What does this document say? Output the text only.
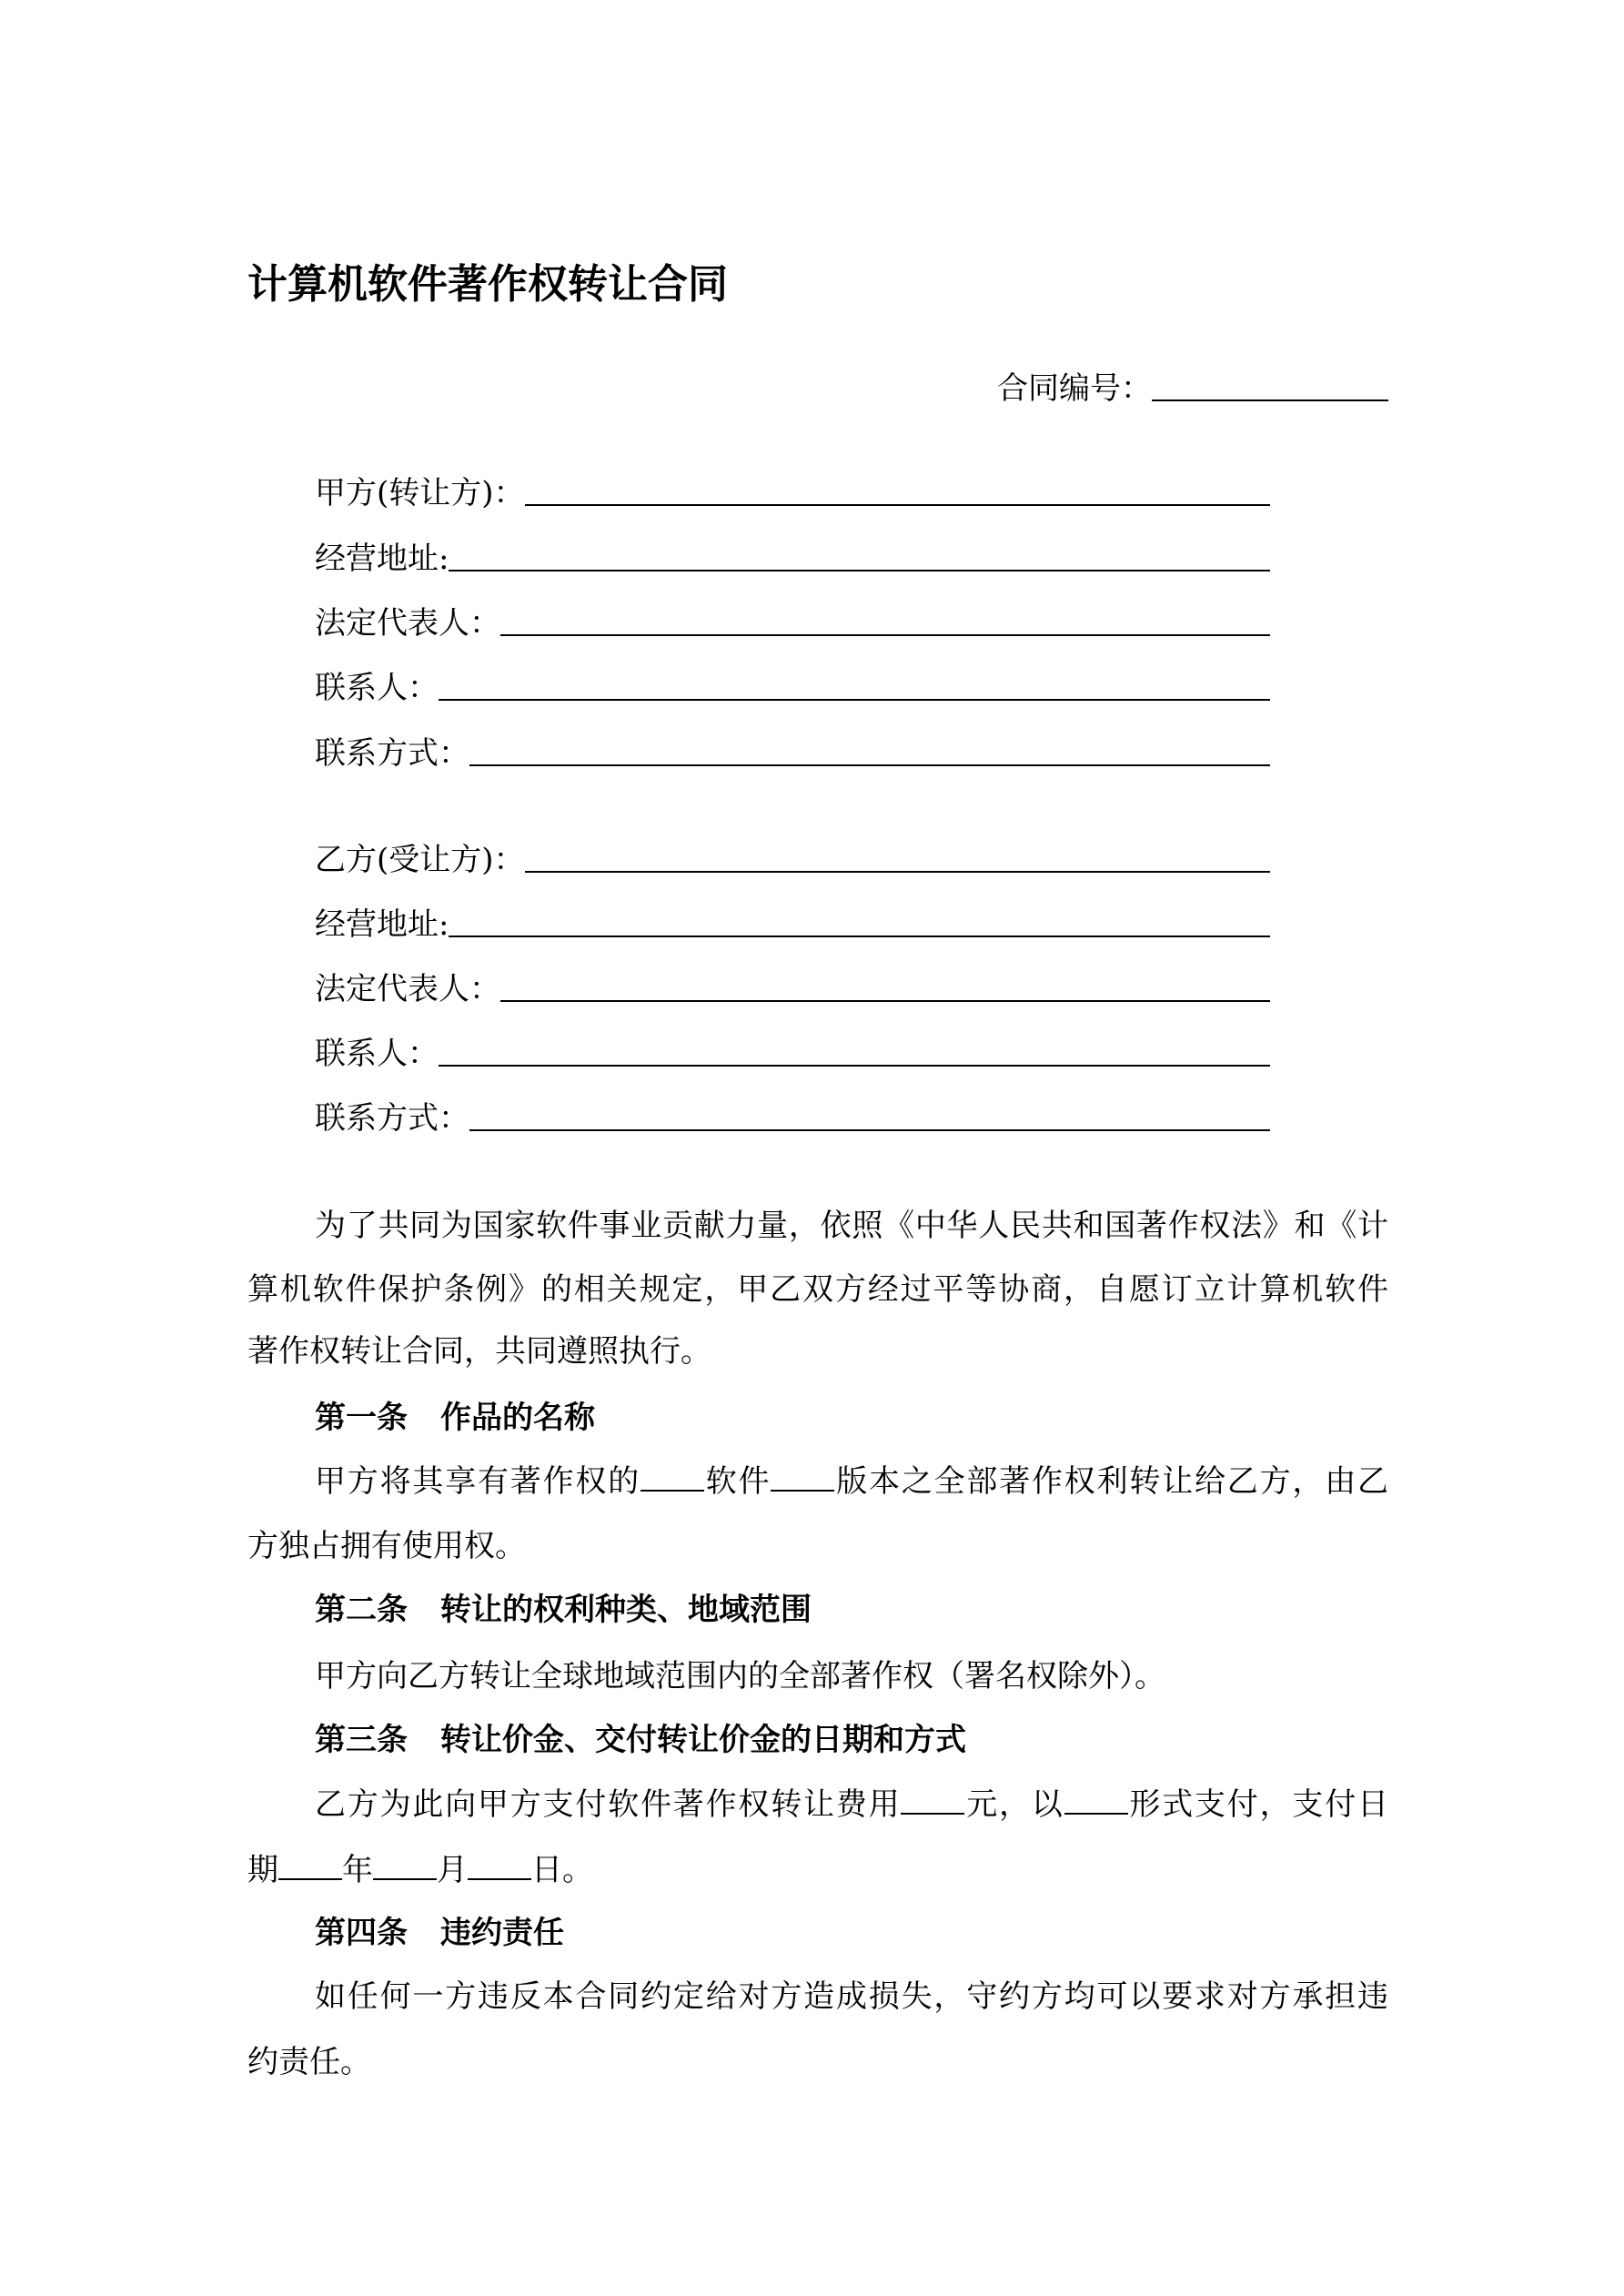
计算机软件著作权转让合同
合同编号：
甲方(转让方)：
经营地址:
法定代表人：
联系人：
联系方式：
乙方(受让方)：
经营地址:
法定代表人：
联系人：
联系方式：
为了共同为国家软件事业贡献力量，依照《中华人民共和国著作权法》和《计
算机软件保护条例》的相关规定，甲乙双方经过平等协商，自愿订立计算机软件
著作权转让合同，共同遵照执行。
第一条 作品的名称
甲方将其享有著作权的 软件 版本之全部著作权利转让给乙方，由乙
方独占拥有使用权。
第二条 转让的权利种类、地域范围
甲方向乙方转让全球地域范围内的全部著作权（署名权除外）。
第三条 转让价金、交付转让价金的日期和方式
乙方为此向甲方支付软件著作权转让费用 元，以 形式支付，支付日
期 年 月 日。
第四条 违约责任
如任何一方违反本合同约定给对方造成损失，守约方均可以要求对方承担违
约责任。
